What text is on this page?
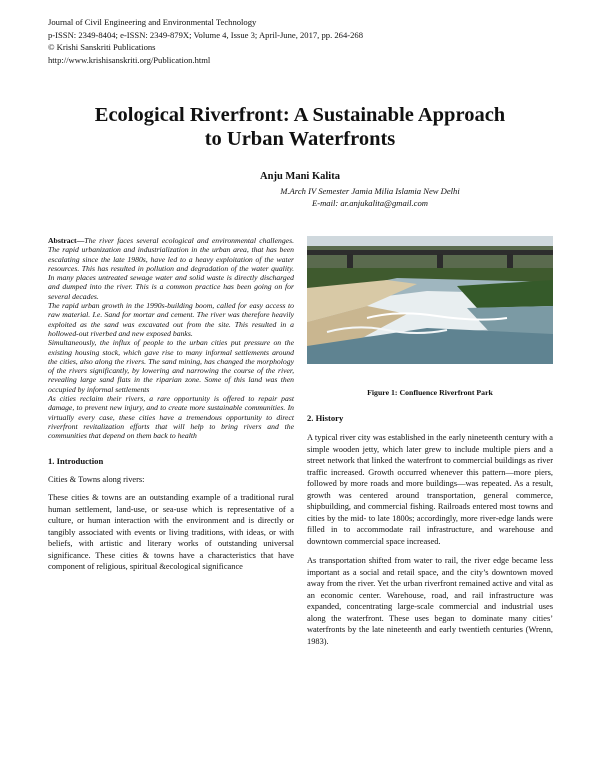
Journal of Civil Engineering and Environmental Technology
p-ISSN: 2349-8404; e-ISSN: 2349-879X; Volume 4, Issue 3; April-June, 2017, pp. 264-268
© Krishi Sanskriti Publications
http://www.krishisanskriti.org/Publication.html
Ecological Riverfront: A Sustainable Approach
to Urban Waterfronts
Anju Mani Kalita
M.Arch IV Semester Jamia Milia Islamia New Delhi
E-mail: ar.anjukalita@gmail.com

Abstract—The river faces several ecological and environmental challenges. The rapid urbanization and industrialization in the urban area, that has been escalating since the late 1980s, have led to a heavy exploitation of the water resources. This has resulted in pollution and degradation of the water quality. In many places untreated sewage water and solid waste is directly discharged and dumped into the river. This is a common practice has been going on for several decades.

The rapid urban growth in the 1990s-building boom, called for easy access to raw material. I.e. Sand for mortar and cement. The river was therefore heavily exploited as the sand was excavated out from the site. This resulted in a hollowed-out riverbed and new exposed banks.

Simultaneously, the influx of people to the urban cities put pressure on the existing housing stock, which gave rise to many informal settlements around the cities, also along the rivers. The sand mining, has changed the morphology of the rivers significantly, by lowering and narrowing the course of the river, revealing large sand flats in the riparian zone. Some of this land was then occupied by informal settlements

As cities reclaim their rivers, a rare opportunity is offered to repair past damage, to prevent new injury, and to create more sustainable communities. In virtually every case, these cities have a tremendous opportunity to direct riverfront revitalization efforts that will help to bring rivers and the communities that depend on them back to health

1. Introduction

Cities & Towns along rivers:

These cities & towns are an outstanding example of a traditional rural human settlement, land-use, or sea-use which is representative of a culture, or human interaction with the environment and is directly or tangibly associated with events or living traditions, with ideas, or with beliefs, with artistic and literary works of outstanding universal significance. These cities & towns have a characteristics that have component of religious, spiritual &ecological significance

Figure 1: Confluence Riverfront Park
2. History

A typical river city was established in the early nineteenth century with a simple wooden jetty, which later grew to include multiple piers and a street network that linked the waterfront to commercial buildings as river traffic increased. Growth occurred whenever this pattern—more piers, followed by more roads and more buildings—was repeated. As a result, growth was centered around transportation, general commerce, shipbuilding, and commercial fishing. Railroads entered most towns and cities by the mid- to late 1800s; accordingly, more river-edge lands were filled in to accommodate rail infrastructure, and warehouse and downtown commercial space increased.

As transportation shifted from water to rail, the river edge became less important as a social and retail space, and the city’s downtown moved away from the river. Yet the urban riverfront remained active and vital as an economic center. Warehouse, road, and rail infrastructure was expanded, concentrating large-scale commercial and industrial uses along the waterfront. These uses began to dominate many cities’ waterfronts by the late nineteenth and early twentieth centuries (Wrenn, 1983).
